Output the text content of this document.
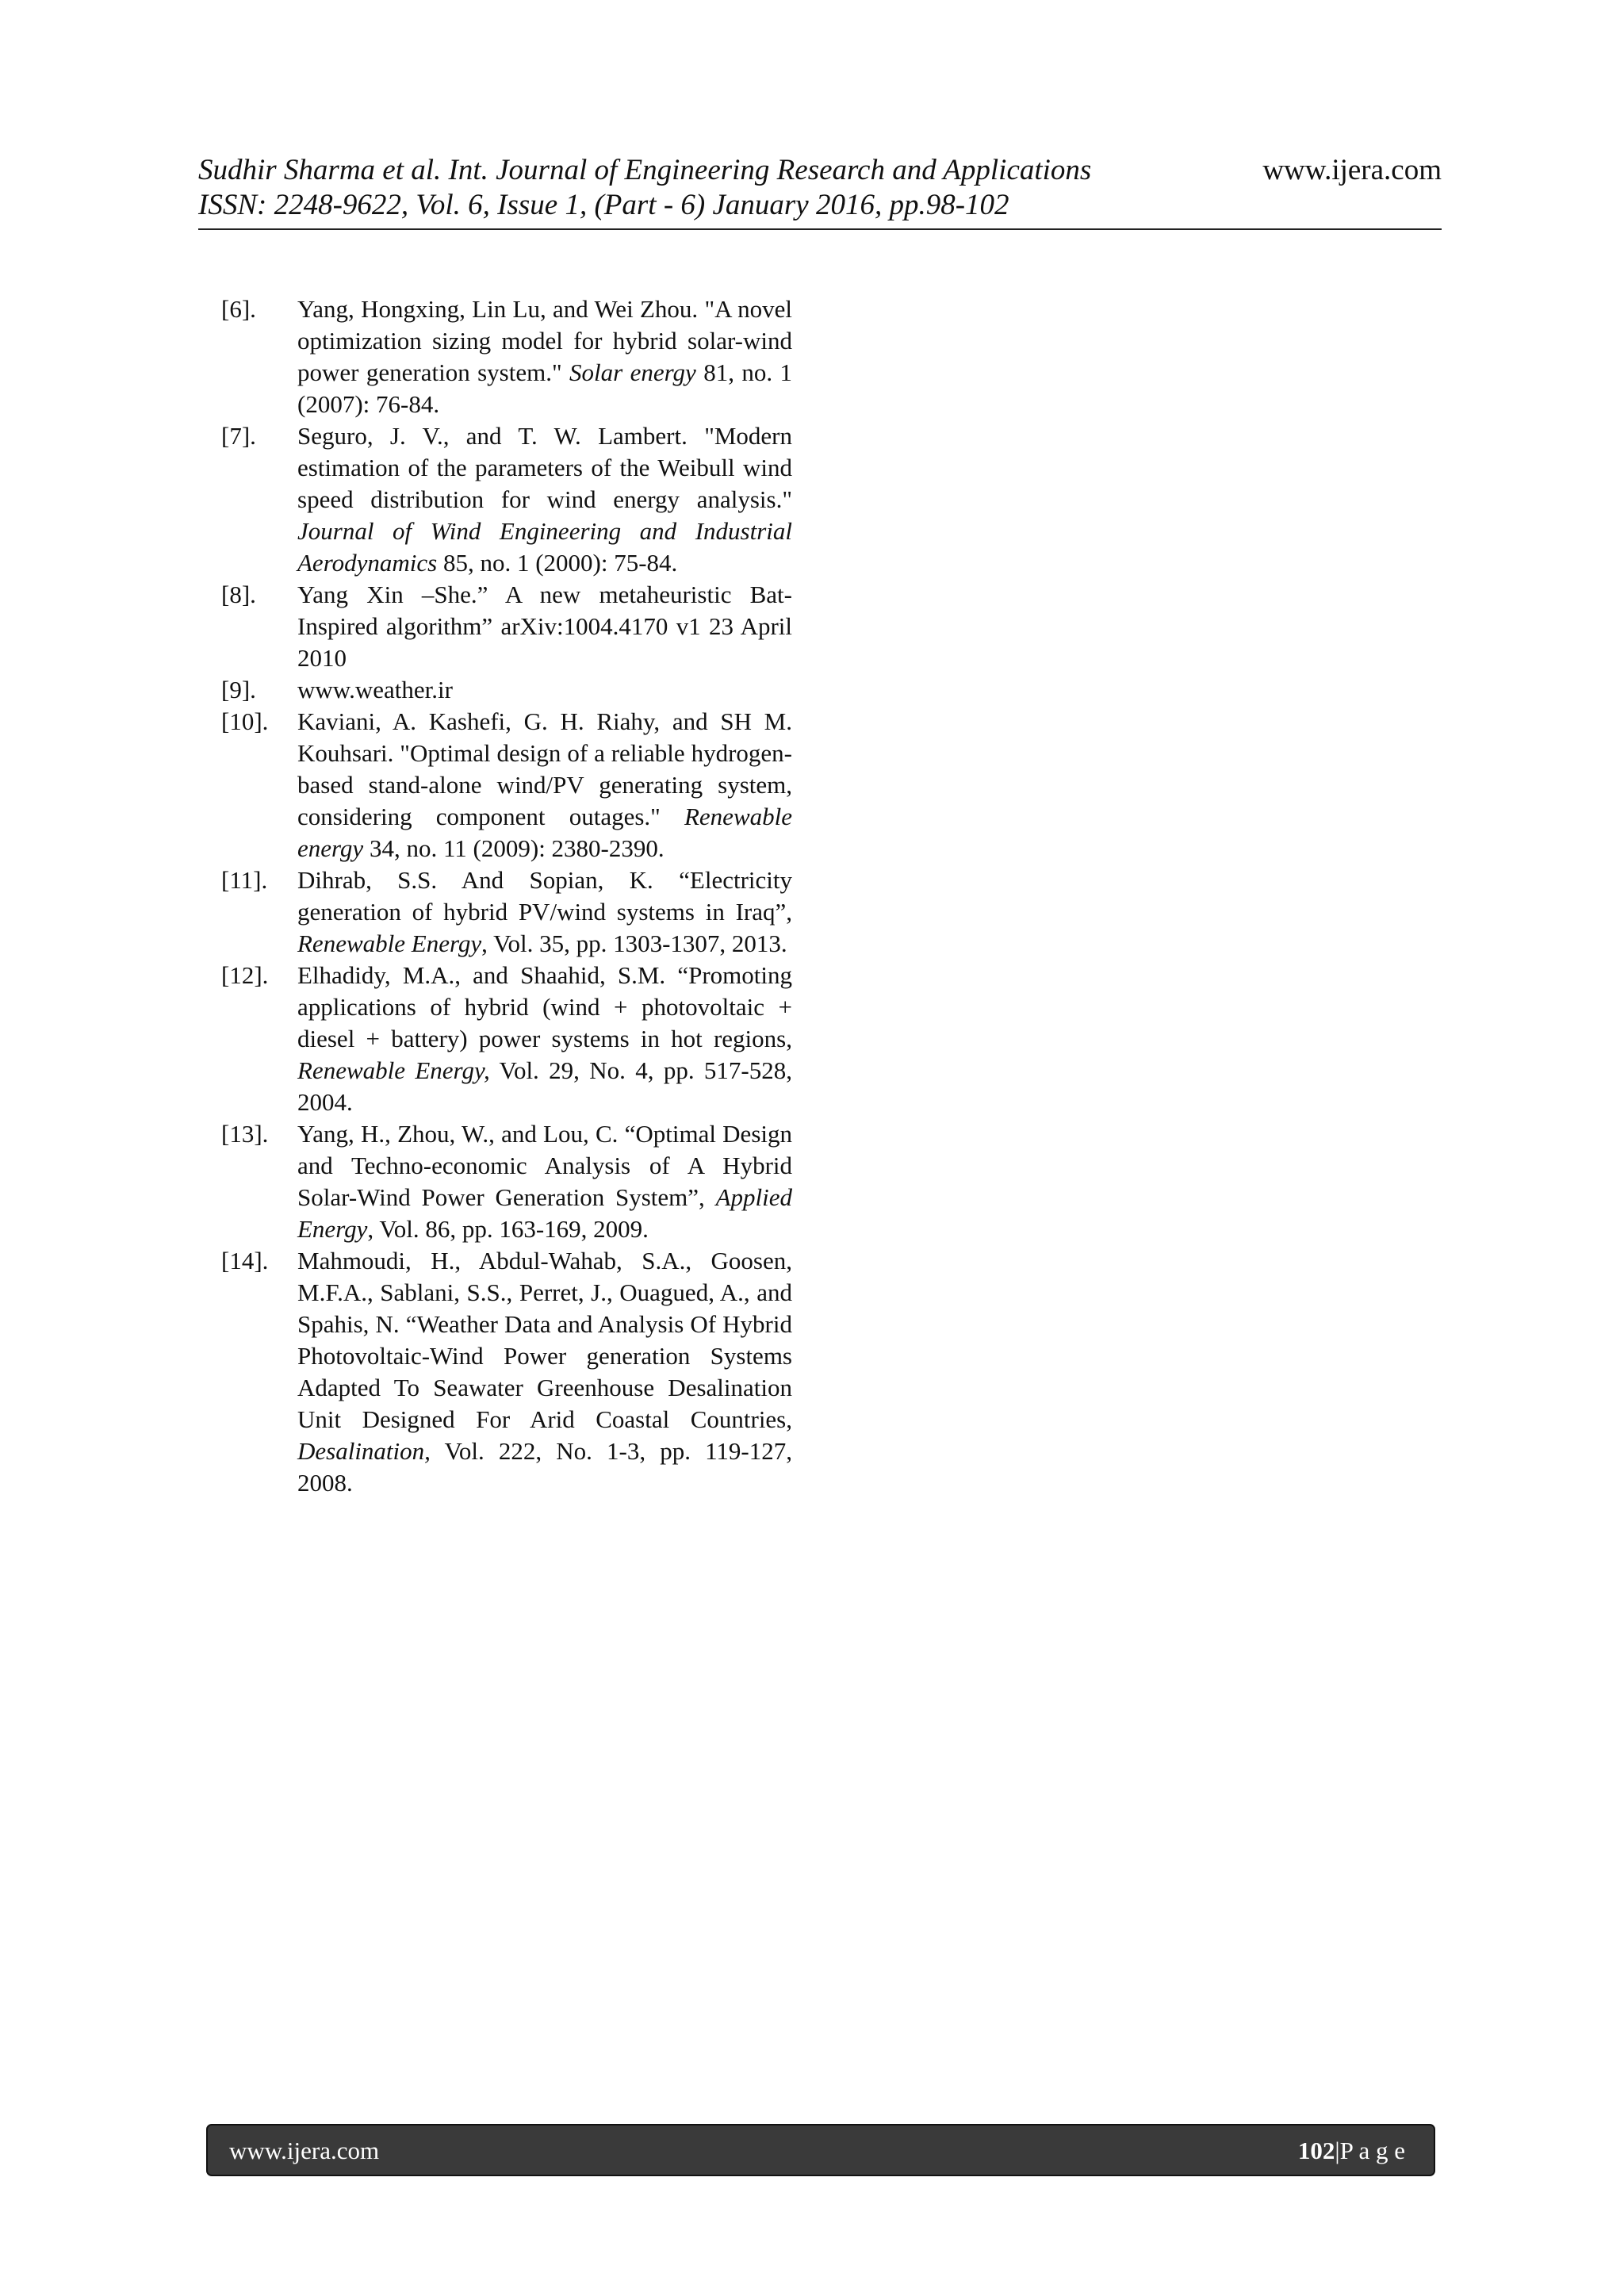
Sudhir Sharma et al. Int. Journal of Engineering Research and Applications	www.ijera.com
ISSN: 2248-9622, Vol. 6, Issue 1, (Part - 6) January 2016, pp.98-102
[6].	Yang, Hongxing, Lin Lu, and Wei Zhou. "A novel optimization sizing model for hybrid solar-wind power generation system." Solar energy 81, no. 1 (2007): 76-84.
[7].	Seguro, J. V., and T. W. Lambert. "Modern estimation of the parameters of the Weibull wind speed distribution for wind energy analysis." Journal of Wind Engineering and Industrial Aerodynamics 85, no. 1 (2000): 75-84.
[8].	Yang Xin –She.” A new metaheuristic Bat-Inspired algorithm” arXiv:1004.4170 v1 23 April 2010
[9].	www.weather.ir
[10].	Kaviani, A. Kashefi, G. H. Riahy, and SH M. Kouhsari. "Optimal design of a reliable hydrogen-based stand-alone wind/PV generating system, considering component outages." Renewable energy 34, no. 11 (2009): 2380-2390.
[11].	Dihrab, S.S. And Sopian, K. “Electricity generation of hybrid PV/wind systems in Iraq”, Renewable Energy, Vol. 35, pp. 1303-1307, 2013.
[12].	Elhadidy, M.A., and Shaahid, S.M. “Promoting applications of hybrid (wind + photovoltaic + diesel + battery) power systems in hot regions, Renewable Energy, Vol. 29, No. 4, pp. 517-528, 2004.
[13].	Yang, H., Zhou, W., and Lou, C. “Optimal Design and Techno-economic Analysis of A Hybrid Solar-Wind Power Generation System”, Applied Energy, Vol. 86, pp. 163-169, 2009.
[14].	Mahmoudi, H., Abdul-Wahab, S.A., Goosen, M.F.A., Sablani, S.S., Perret, J., Ouagued, A., and Spahis, N. “Weather Data and Analysis Of Hybrid Photovoltaic-Wind Power generation Systems Adapted To Seawater Greenhouse Desalination Unit Designed For Arid Coastal Countries, Desalination, Vol. 222, No. 1-3, pp. 119-127, 2008.
www.ijera.com	102|P a g e
